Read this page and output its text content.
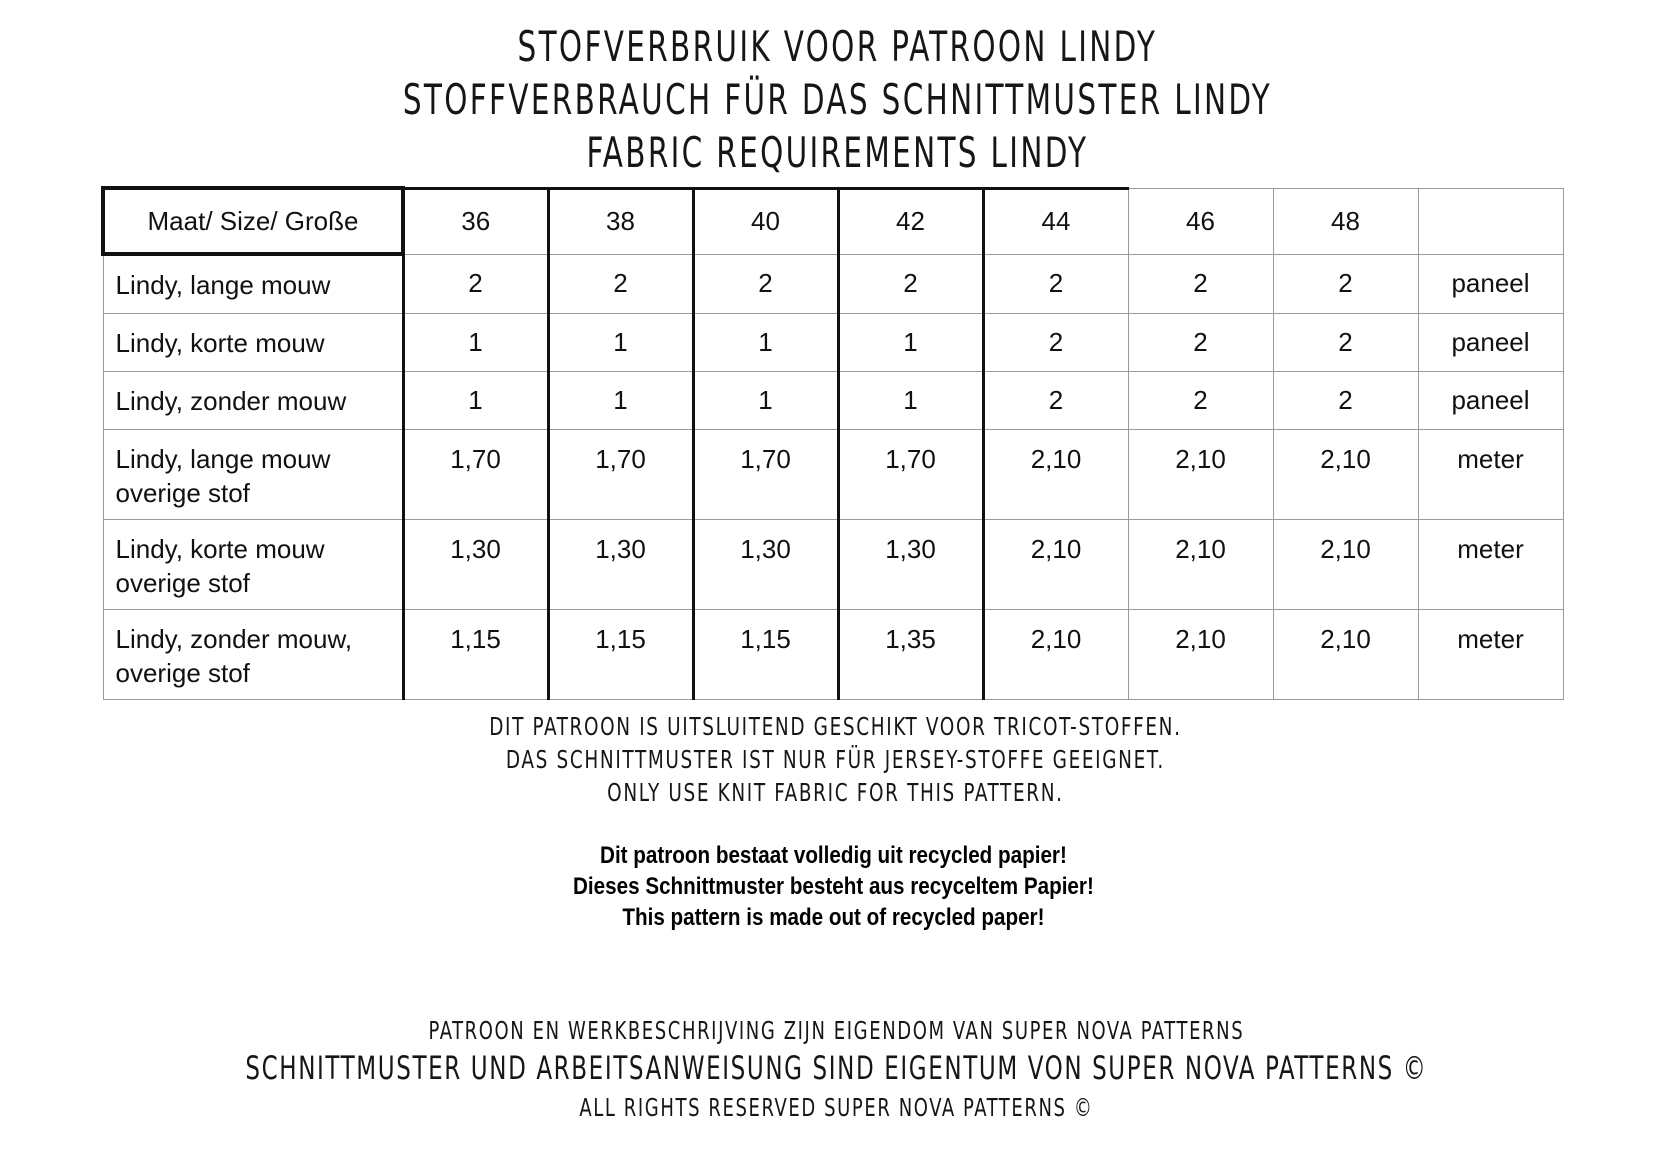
STOFVERBRUIK VOOR PATROON LINDY
STOFFVERBRAUCH FÜR DAS SCHNITTMUSTER LINDY
FABRIC REQUIREMENTS LINDY
Maat/ Size/ Große	36	38	40	42	44	46	48	
Lindy, lange mouw	2	2	2	2	2	2	2	paneel
Lindy, korte mouw	1	1	1	1	2	2	2	paneel
Lindy, zonder mouw	1	1	1	1	2	2	2	paneel
Lindy, lange mouw overige stof	1,70	1,70	1,70	1,70	2,10	2,10	2,10	meter
Lindy, korte mouw overige stof	1,30	1,30	1,30	1,30	2,10	2,10	2,10	meter
Lindy, zonder mouw, overige stof	1,15	1,15	1,15	1,35	2,10	2,10	2,10	meter
DIT PATROON IS UITSLUITEND GESCHIKT VOOR TRICOT-STOFFEN.
DAS SCHNITTMUSTER IST NUR FÜR JERSEY-STOFFE GEEIGNET.
ONLY USE KNIT FABRIC FOR THIS PATTERN.
Dit patroon bestaat volledig uit recycled papier!
Dieses Schnittmuster besteht aus recyceltem Papier!
This pattern is made out of recycled paper!
PATROON EN WERKBESCHRIJVING ZIJN EIGENDOM VAN SUPER NOVA PATTERNS
SCHNITTMUSTER UND ARBEITSANWEISUNG SIND EIGENTUM VON SUPER NOVA PATTERNS ©
ALL RIGHTS RESERVED SUPER NOVA PATTERNS ©
